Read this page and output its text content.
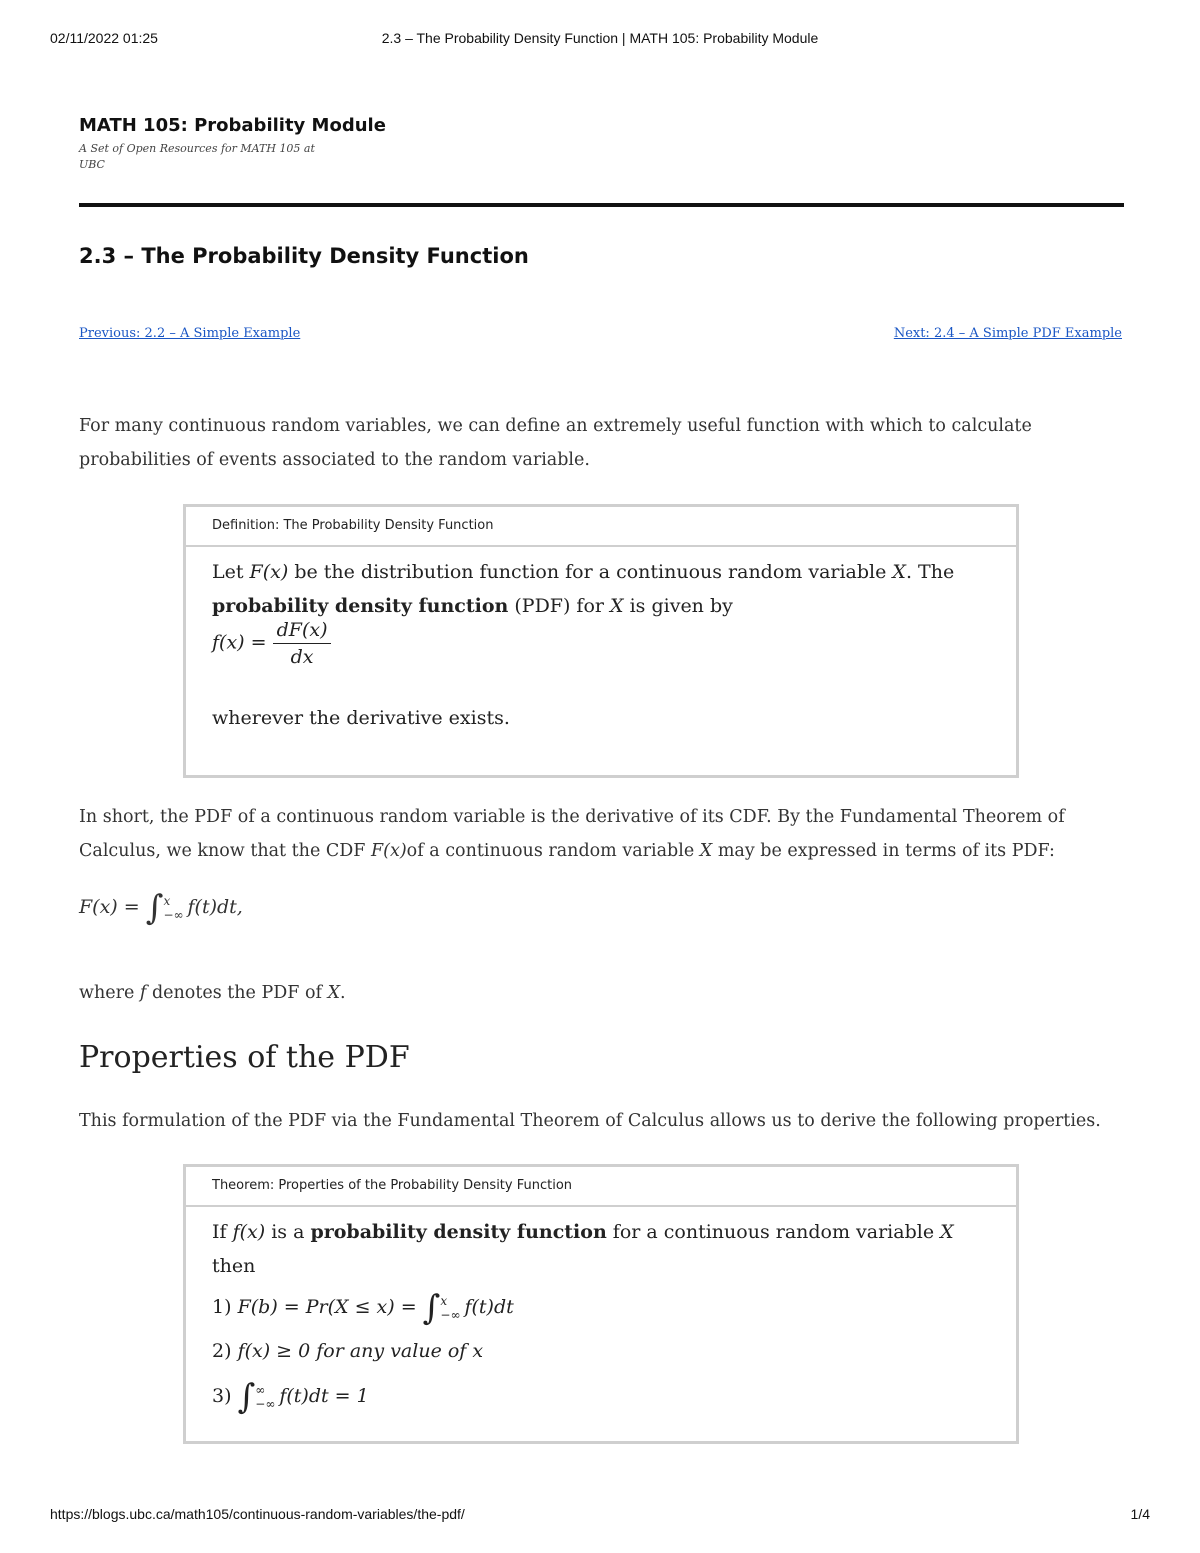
02/11/2022 01:25	2.3 – The Probability Density Function | MATH 105: Probability Module
MATH 105: Probability Module
A Set of Open Resources for MATH 105 at UBC
2.3 – The Probability Density Function
Previous: 2.2 – A Simple Example	Next: 2.4 – A Simple PDF Example
For many continuous random variables, we can define an extremely useful function with which to calculate probabilities of events associated to the random variable.
Definition: The Probability Density Function
Let F(x) be the distribution function for a continuous random variable X. The
probability density function (PDF) for X is given by
$f(x) = \frac{dF(x)}{dx}$
wherever the derivative exists.
In short, the PDF of a continuous random variable is the derivative of its CDF. By the Fundamental Theorem of Calculus, we know that the CDF F(x)of a continuous random variable X may be expressed in terms of its PDF:
F(x) = ∫ x
−∞ f(t)dt,
where f denotes the PDF of X.
Properties of the PDF
This formulation of the PDF via the Fundamental Theorem of Calculus allows us to derive the following properties.
Theorem: Properties of the Probability Density Function
If f(x) is a probability density function for a continuous random variable X then
1) F(b) = Pr(X ≤ x) = ∫ x
−∞ f(t)dt
2) f(x) ≥ 0 for any value of x
3) ∫ ∞
−∞ f(t)dt = 1
https://blogs.ubc.ca/math105/continuous-random-variables/the-pdf/	1/4
